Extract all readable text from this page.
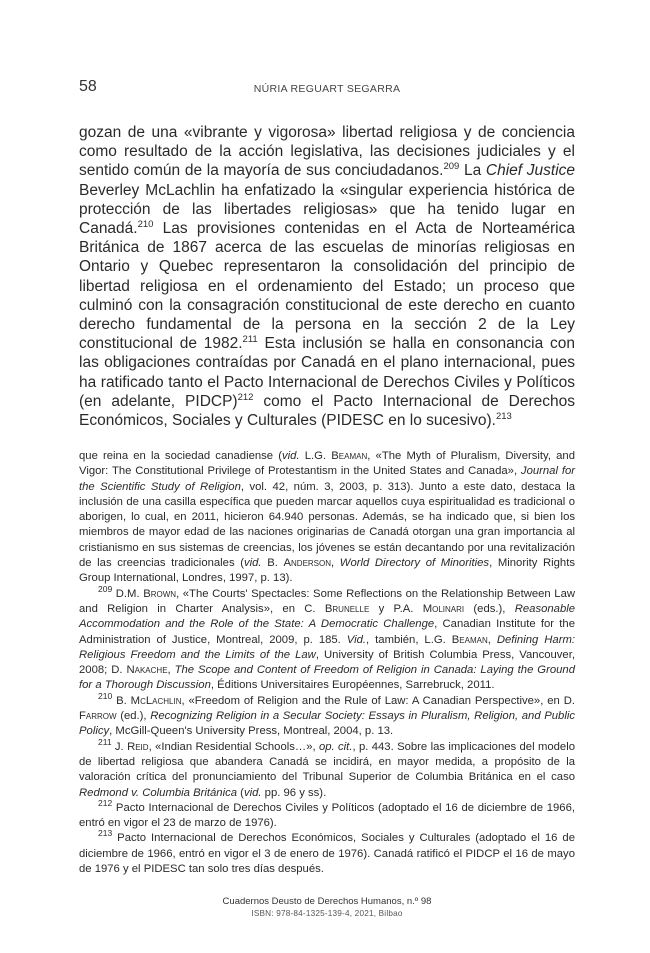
58	NÚRIA REGUART SEGARRA

gozan de una «vibrante y vigorosa» libertad religiosa y de conciencia como resultado de la acción legislativa, las decisiones judiciales y el sentido común de la mayoría de sus conciudadanos.$^{209}$ La Chief Justice Beverley McLachlin ha enfatizado la «singular experiencia histórica de protección de las libertades religiosas» que ha tenido lugar en Canadá.$^{210}$ Las provisiones contenidas en el Acta de Norteamérica Británica de 1867 acerca de las escuelas de minorías religiosas en Ontario y Quebec representaron la consolidación del principio de libertad religiosa en el ordenamiento del Estado; un proceso que culminó con la consagración constitucional de este derecho en cuanto derecho fundamental de la persona en la sección 2 de la Ley constitucional de 1982.$^{211}$ Esta inclusión se halla en consonancia con las obligaciones contraídas por Canadá en el plano internacional, pues ha ratificado tanto el Pacto Internacional de Derechos Civiles y Políticos (en adelante, PIDCP)$^{212}$ como el Pacto Internacional de Derechos Económicos, Sociales y Culturales (PIDESC en lo sucesivo).$^{213}$

que reina en la sociedad canadiense (vid. L.G. Beaman, «The Myth of Pluralism, Diversity, and Vigor: The Constitutional Privilege of Protestantism in the United States and Canada», Journal for the Scientific Study of Religion, vol. 42, núm. 3, 2003, p. 313). Junto a este dato, destaca la inclusión de una casilla específica que pueden marcar aquellos cuya espiritualidad es tradicional o aborigen, lo cual, en 2011, hicieron 64.940 personas. Además, se ha indicado que, si bien los miembros de mayor edad de las naciones originarias de Canadá otorgan una gran importancia al cristianismo en sus sistemas de creencias, los jóvenes se están decantando por una revitalización de las creencias tradicionales (vid. B. Anderson, World Directory of Minorities, Minority Rights Group International, Londres, 1997, p. 13).

$^{209}$ D.M. Brown, «The Courts' Spectacles: Some Reflections on the Relationship Between Law and Religion in Charter Analysis», en C. Brunelle y P.A. Molinari (eds.), Reasonable Accommodation and the Role of the State: A Democratic Challenge, Canadian Institute for the Administration of Justice, Montreal, 2009, p. 185. Vid., también, L.G. Beaman, Defining Harm: Religious Freedom and the Limits of the Law, University of British Columbia Press, Vancouver, 2008; D. Nakache, The Scope and Content of Freedom of Religion in Canada: Laying the Ground for a Thorough Discussion, Éditions Universitaires Européennes, Sarrebruck, 2011.

$^{210}$ B. McLachlin, «Freedom of Religion and the Rule of Law: A Canadian Perspective», en D. Farrow (ed.), Recognizing Religion in a Secular Society: Essays in Pluralism, Religion, and Public Policy, McGill-Queen's University Press, Montreal, 2004, p. 13.

$^{211}$ J. Reid, «Indian Residential Schools…», op. cit., p. 443. Sobre las implicaciones del modelo de libertad religiosa que abandera Canadá se incidirá, en mayor medida, a propósito de la valoración crítica del pronunciamiento del Tribunal Superior de Columbia Británica en el caso Redmond v. Columbia Británica (vid. pp. 96 y ss).

$^{212}$ Pacto Internacional de Derechos Civiles y Políticos (adoptado el 16 de diciembre de 1966, entró en vigor el 23 de marzo de 1976).

$^{213}$ Pacto Internacional de Derechos Económicos, Sociales y Culturales (adoptado el 16 de diciembre de 1966, entró en vigor el 3 de enero de 1976). Canadá ratificó el PIDCP el 16 de mayo de 1976 y el PIDESC tan solo tres días después.

Cuadernos Deusto de Derechos Humanos, n.º 98
ISBN: 978-84-1325-139-4, 2021, Bilbao
